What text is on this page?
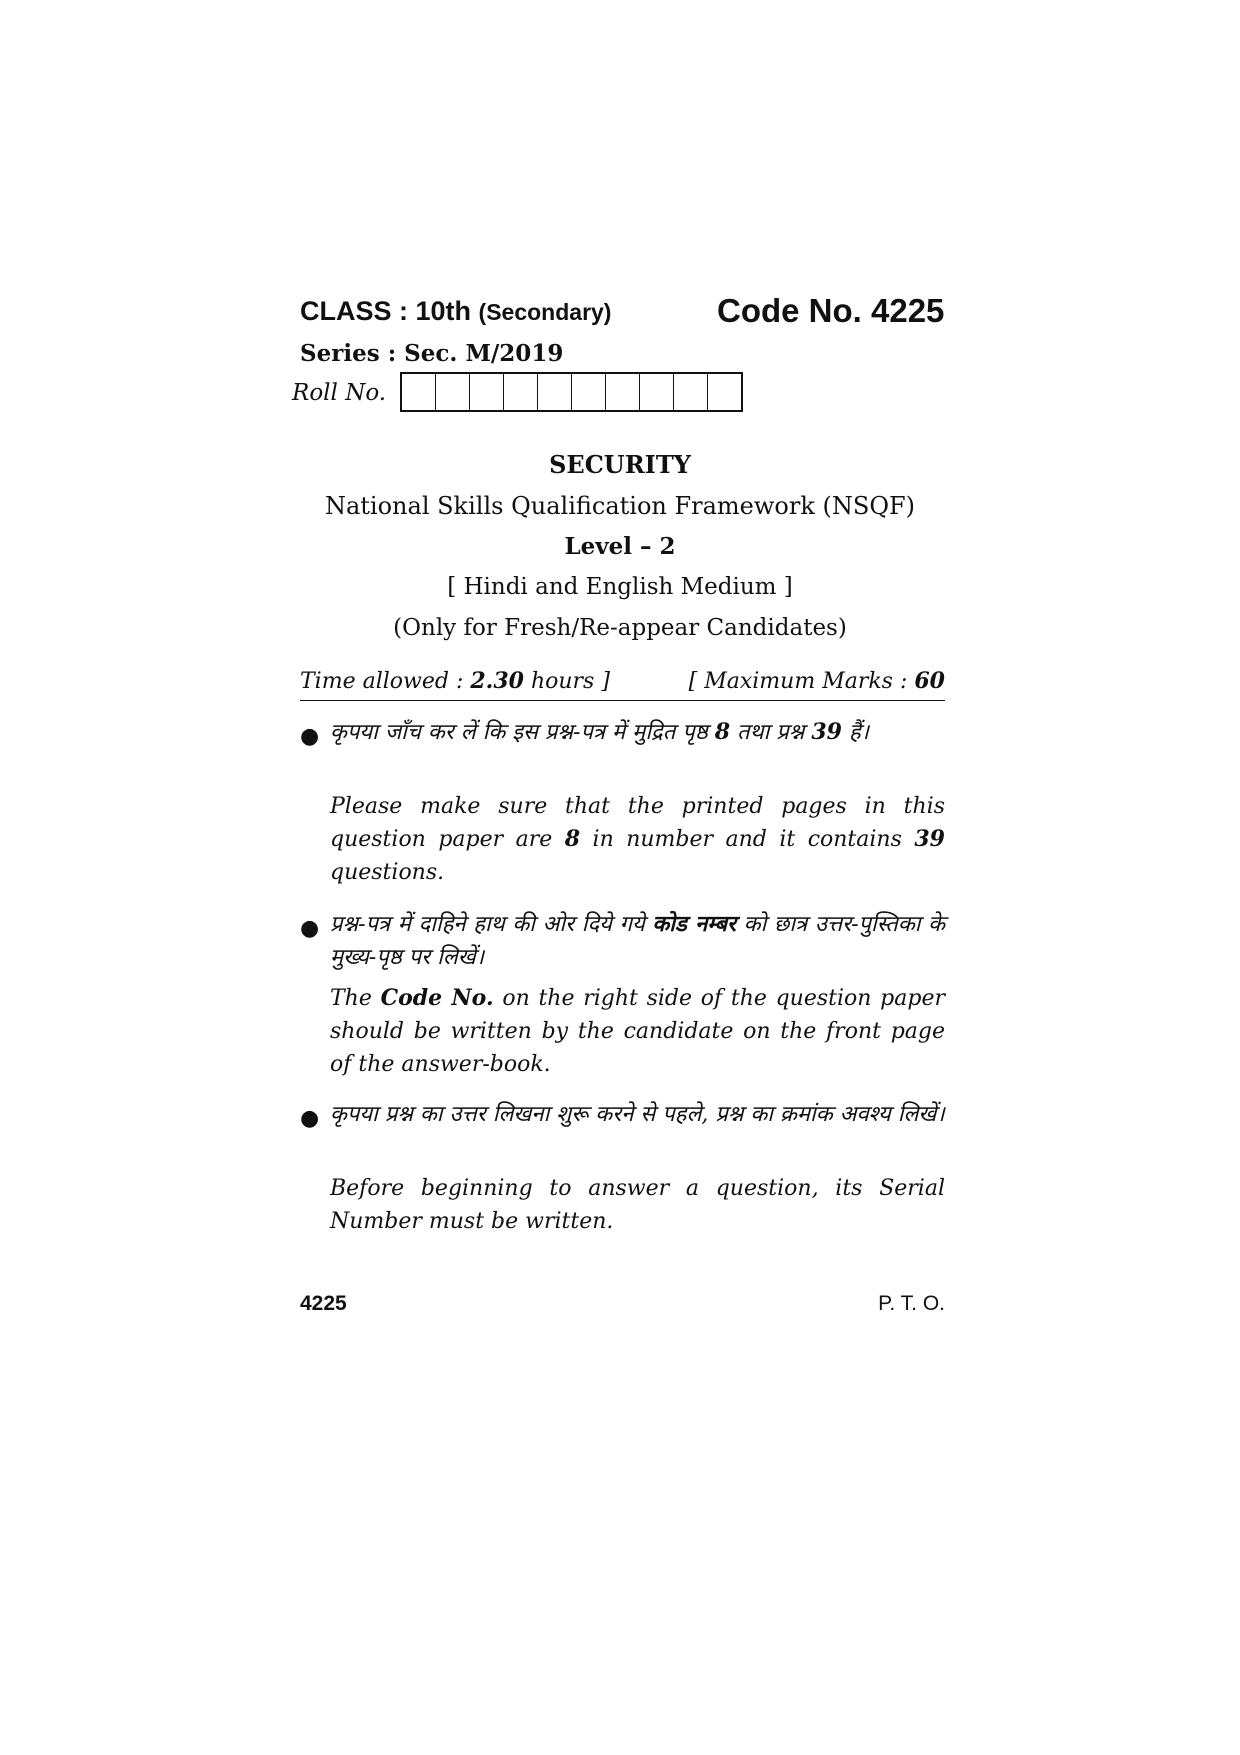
CLASS : 10th (Secondary)	Code No. 4225
Series : Sec. M/2019
Roll No.
SECURITY
National Skills Qualification Framework (NSQF)
Level – 2
[ Hindi and English Medium ]
(Only for Fresh/Re-appear Candidates)
Time allowed : 2.30 hours ]	[ Maximum Marks : 60
● कृपया जाँच कर लें कि इस प्रश्न-पत्र में मुद्रित पृष्ठ 8 तथा प्रश्न 39 हैं।
Please make sure that the printed pages in this question paper are 8 in number and it contains 39 questions.
● प्रश्न-पत्र में दाहिने हाथ की ओर दिये गये कोड नम्बर को छात्र उत्तर-पुस्तिका के मुख्य-पृष्ठ पर लिखें।
The Code No. on the right side of the question paper should be written by the candidate on the front page of the answer-book.
● कृपया प्रश्न का उत्तर लिखना शुरू करने से पहले, प्रश्न का क्रमांक अवश्य लिखें।
Before beginning to answer a question, its Serial Number must be written.
4225	P. T. O.
